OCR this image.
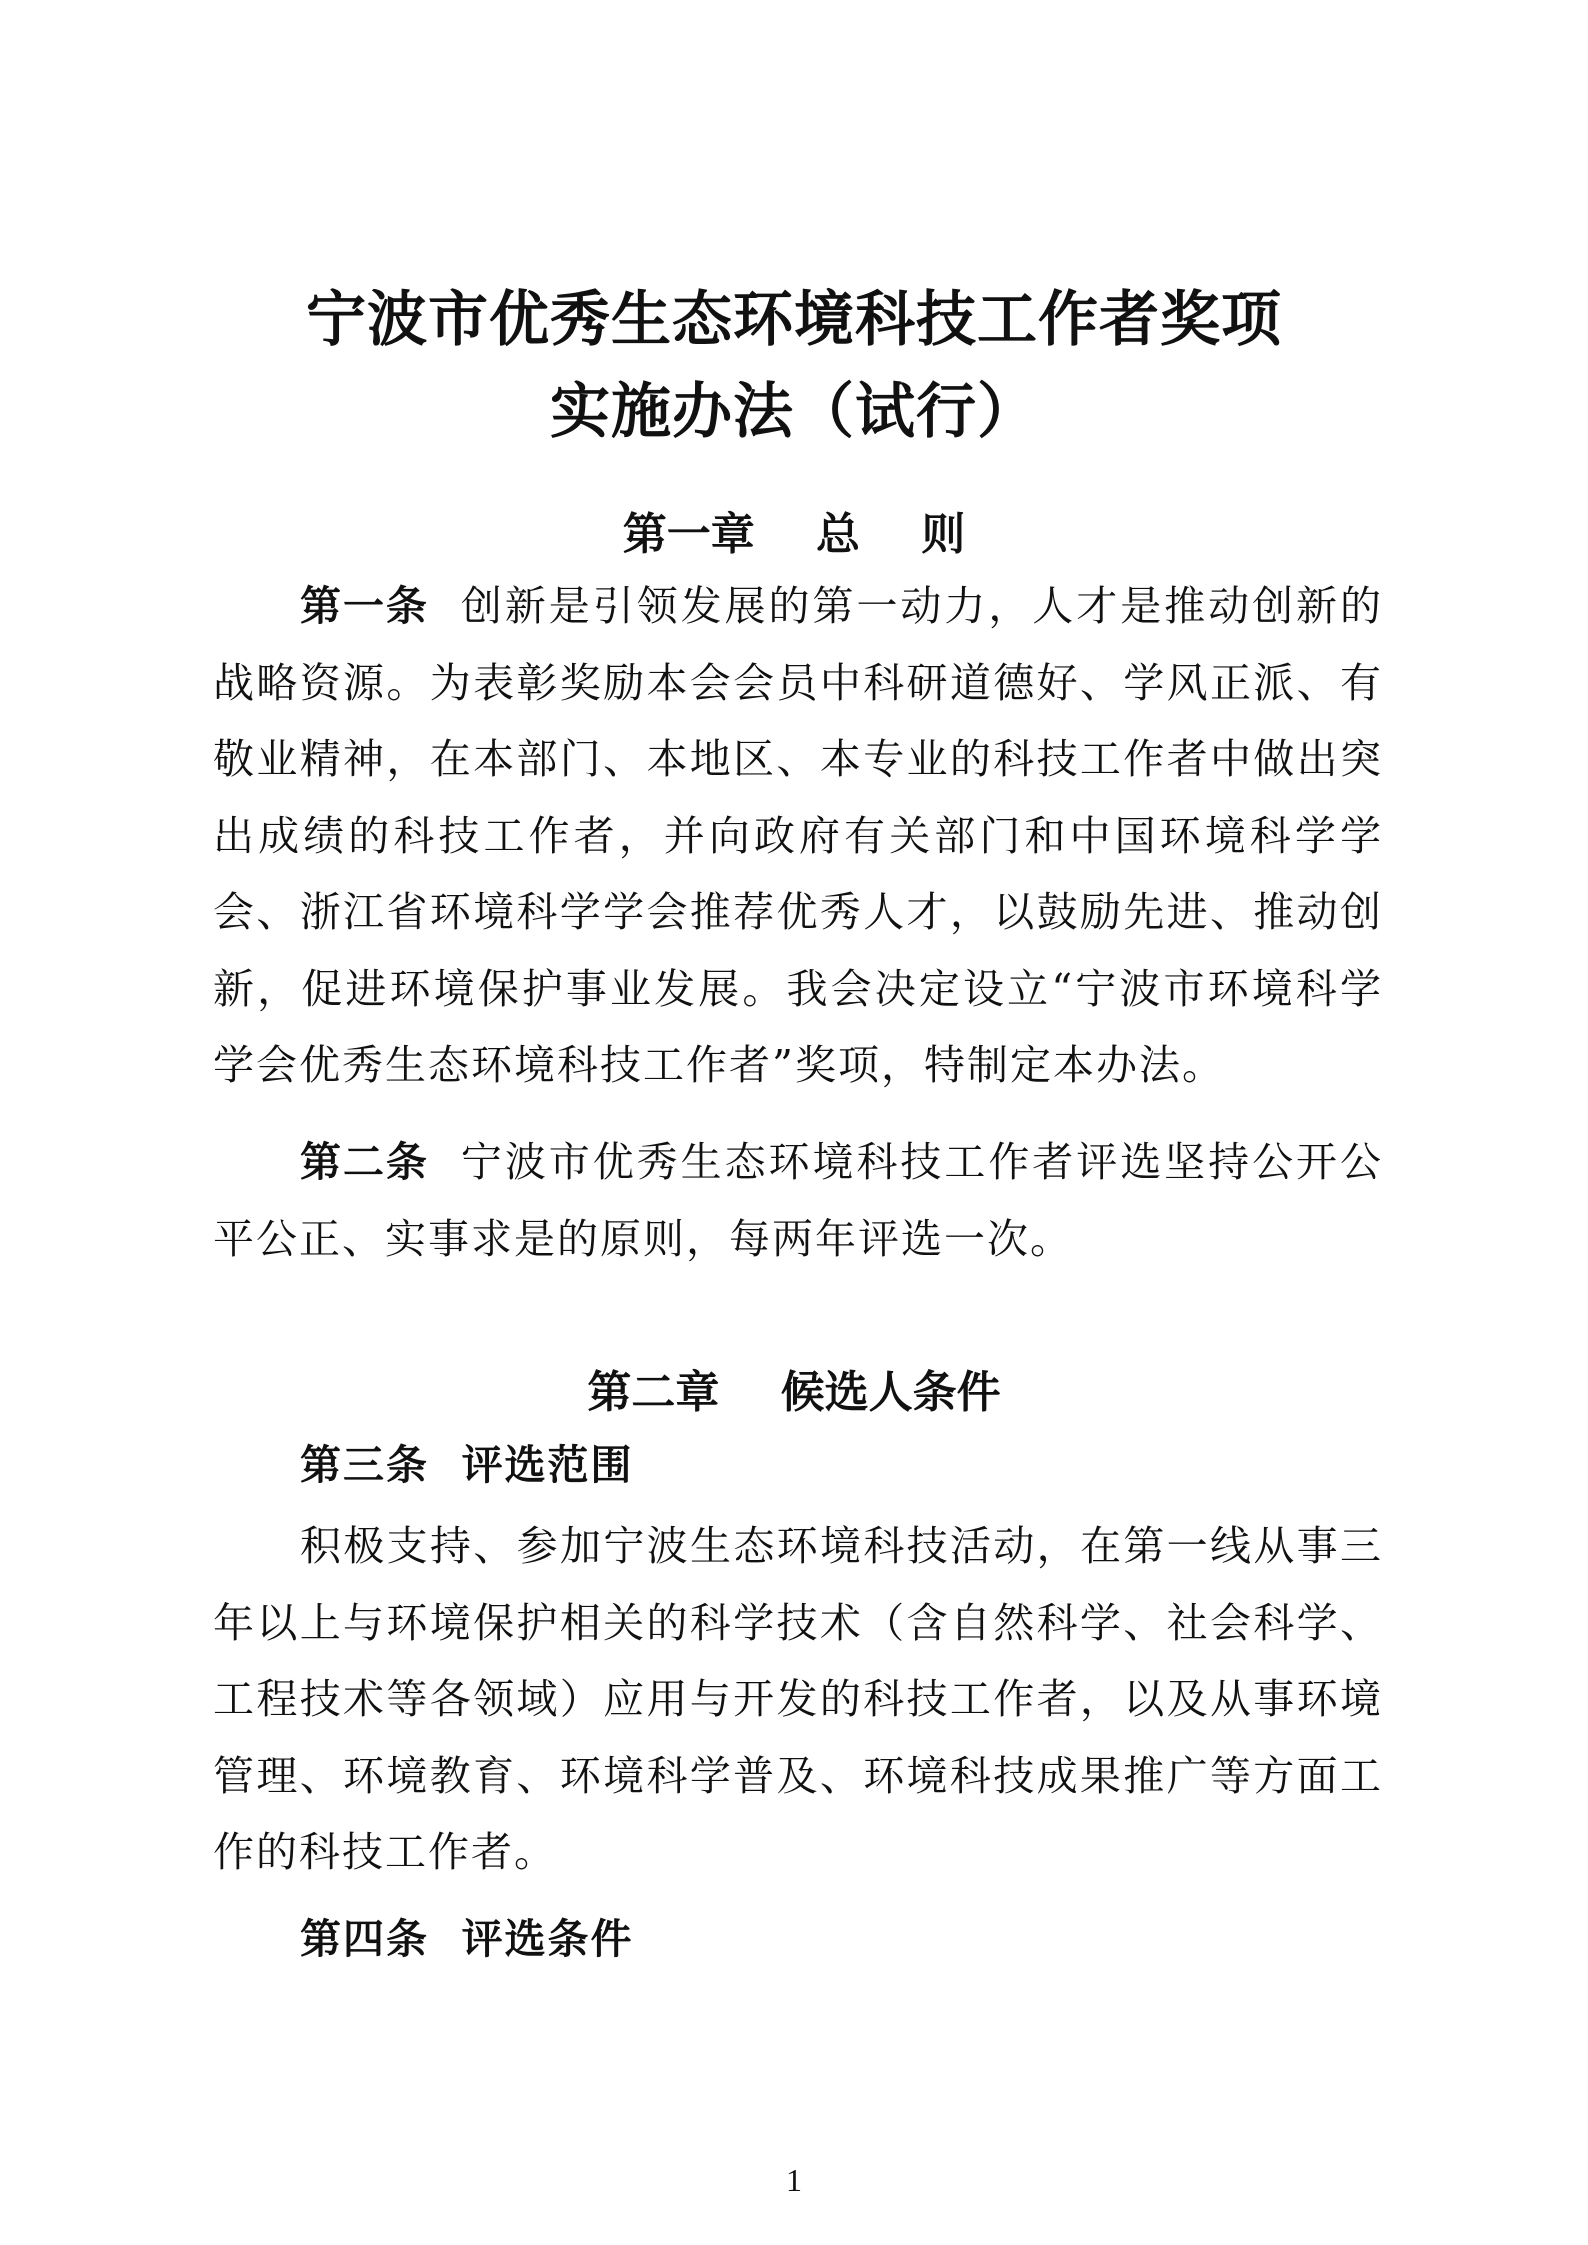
宁波市优秀生态环境科技工作者奖项
实施办法（试行）
第一章    总    则

第一条 创新是引领发展的第一动力，人才是推动创新的战略资源。为表彰奖励本会会员中科研道德好、学风正派、有敬业精神，在本部门、本地区、本专业的科技工作者中做出突出成绩的科技工作者，并向政府有关部门和中国环境科学学会、浙江省环境科学学会推荐优秀人才，以鼓励先进、推动创新，促进环境保护事业发展。我会决定设立“宁波市环境科学学会优秀生态环境科技工作者”奖项，特制定本办法。

第二条 宁波市优秀生态环境科技工作者评选坚持公开公平公正、实事求是的原则，每两年评选一次。

第二章    候选人条件
第三条 评选范围

积极支持、参加宁波生态环境科技活动，在第一线从事三年以上与环境保护相关的科学技术（含自然科学、社会科学、工程技术等各领域）应用与开发的科技工作者，以及从事环境管理、环境教育、环境科学普及、环境科技成果推广等方面工作的科技工作者。

第四条 评选条件
1
